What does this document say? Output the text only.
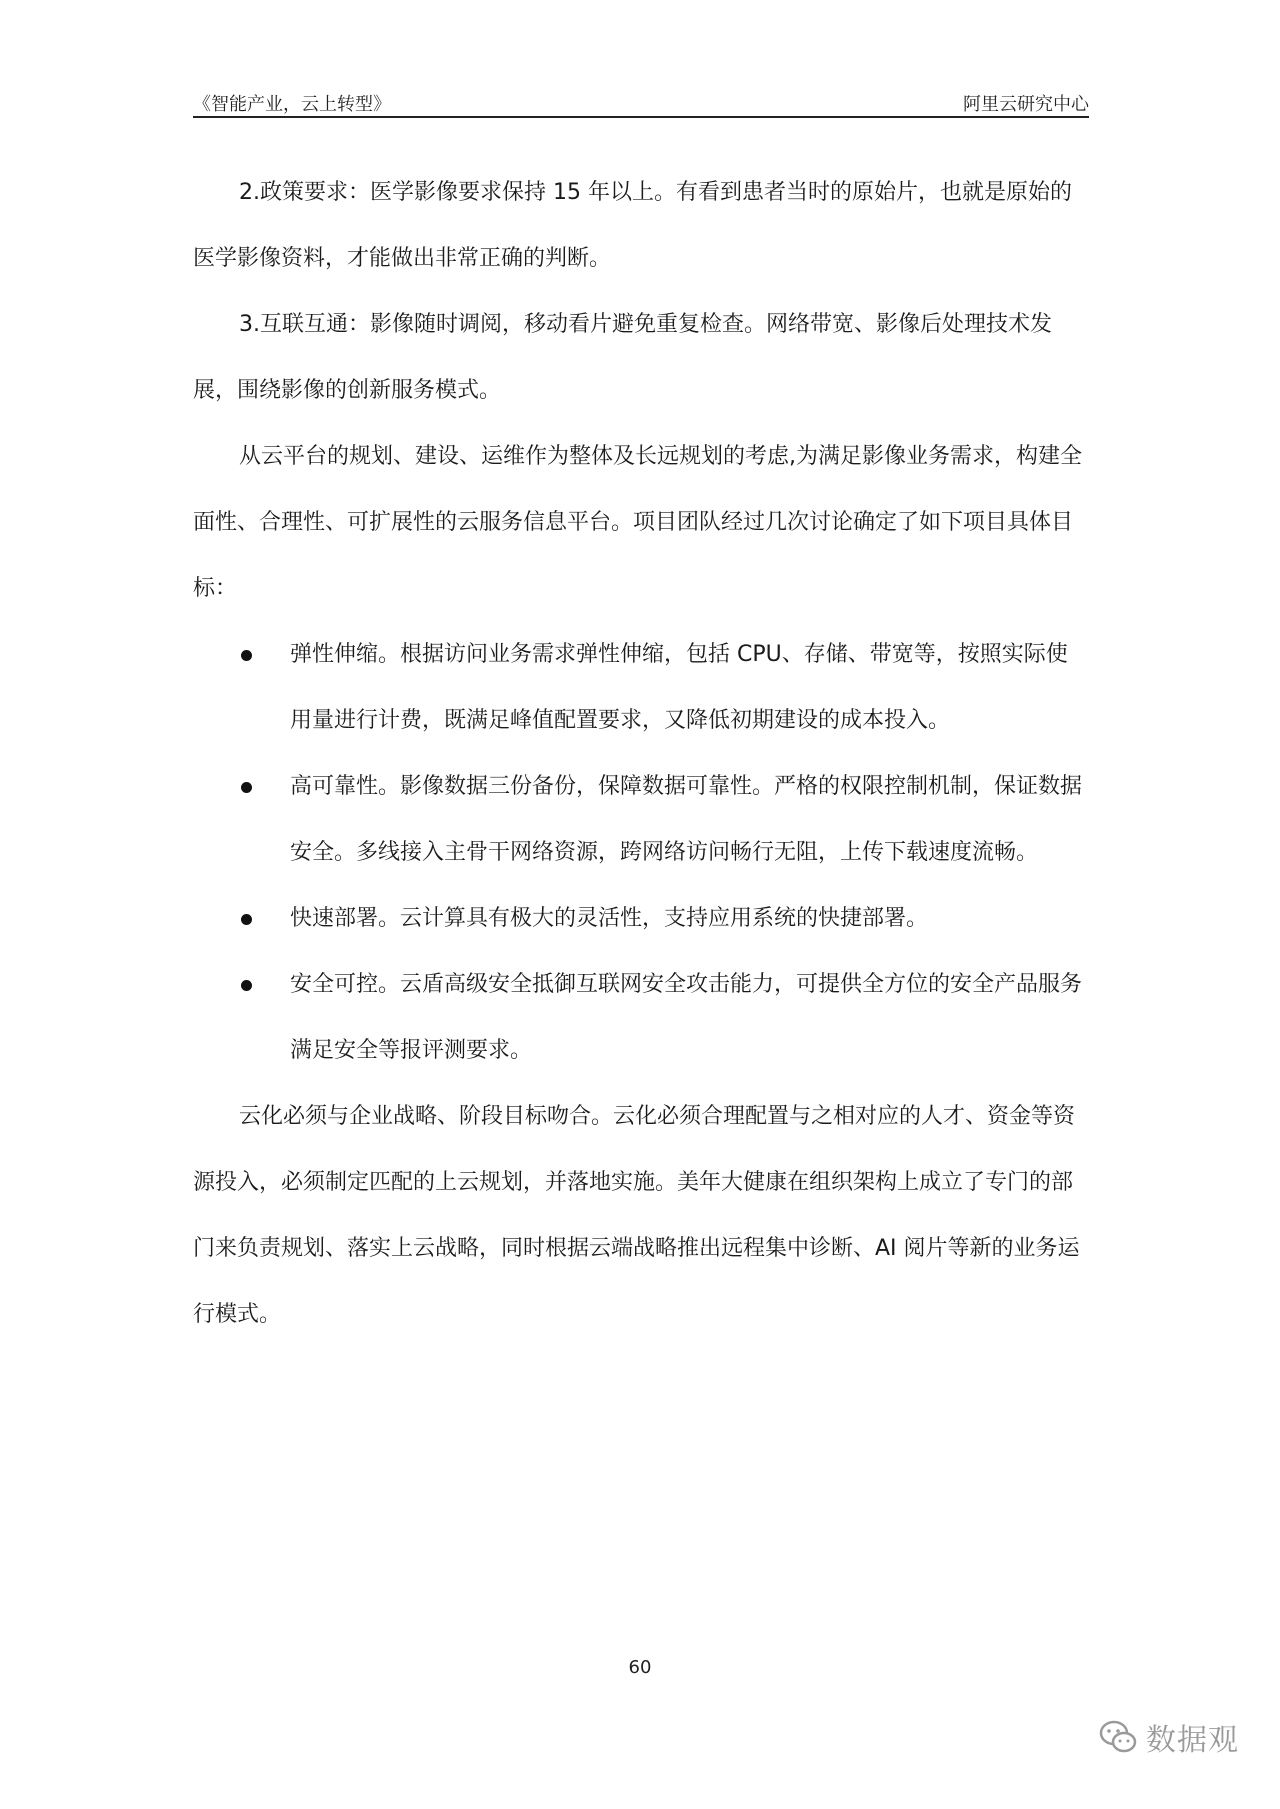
《智能产业，云上转型》	阿里云研究中心

2.政策要求：医学影像要求保持 15 年以上。有看到患者当时的原始片，也就是原始的医学影像资料，才能做出非常正确的判断。

3.互联互通：影像随时调阅，移动看片避免重复检查。网络带宽、影像后处理技术发展，围绕影像的创新服务模式。

从云平台的规划、建设、运维作为整体及长远规划的考虑,为满足影像业务需求，构建全面性、合理性、可扩展性的云服务信息平台。项目团队经过几次讨论确定了如下项目具体目标：

弹性伸缩。根据访问业务需求弹性伸缩，包括 CPU、存储、带宽等，按照实际使用量进行计费，既满足峰值配置要求，又降低初期建设的成本投入。
高可靠性。影像数据三份备份，保障数据可靠性。严格的权限控制机制，保证数据安全。多线接入主骨干网络资源，跨网络访问畅行无阻，上传下载速度流畅。
快速部署。云计算具有极大的灵活性，支持应用系统的快捷部署。
安全可控。云盾高级安全抵御互联网安全攻击能力，可提供全方位的安全产品服务满足安全等报评测要求。

云化必须与企业战略、阶段目标吻合。云化必须合理配置与之相对应的人才、资金等资源投入，必须制定匹配的上云规划，并落地实施。美年大健康在组织架构上成立了专门的部门来负责规划、落实上云战略，同时根据云端战略推出远程集中诊断、AI 阅片等新的业务运行模式。

60
数据观
